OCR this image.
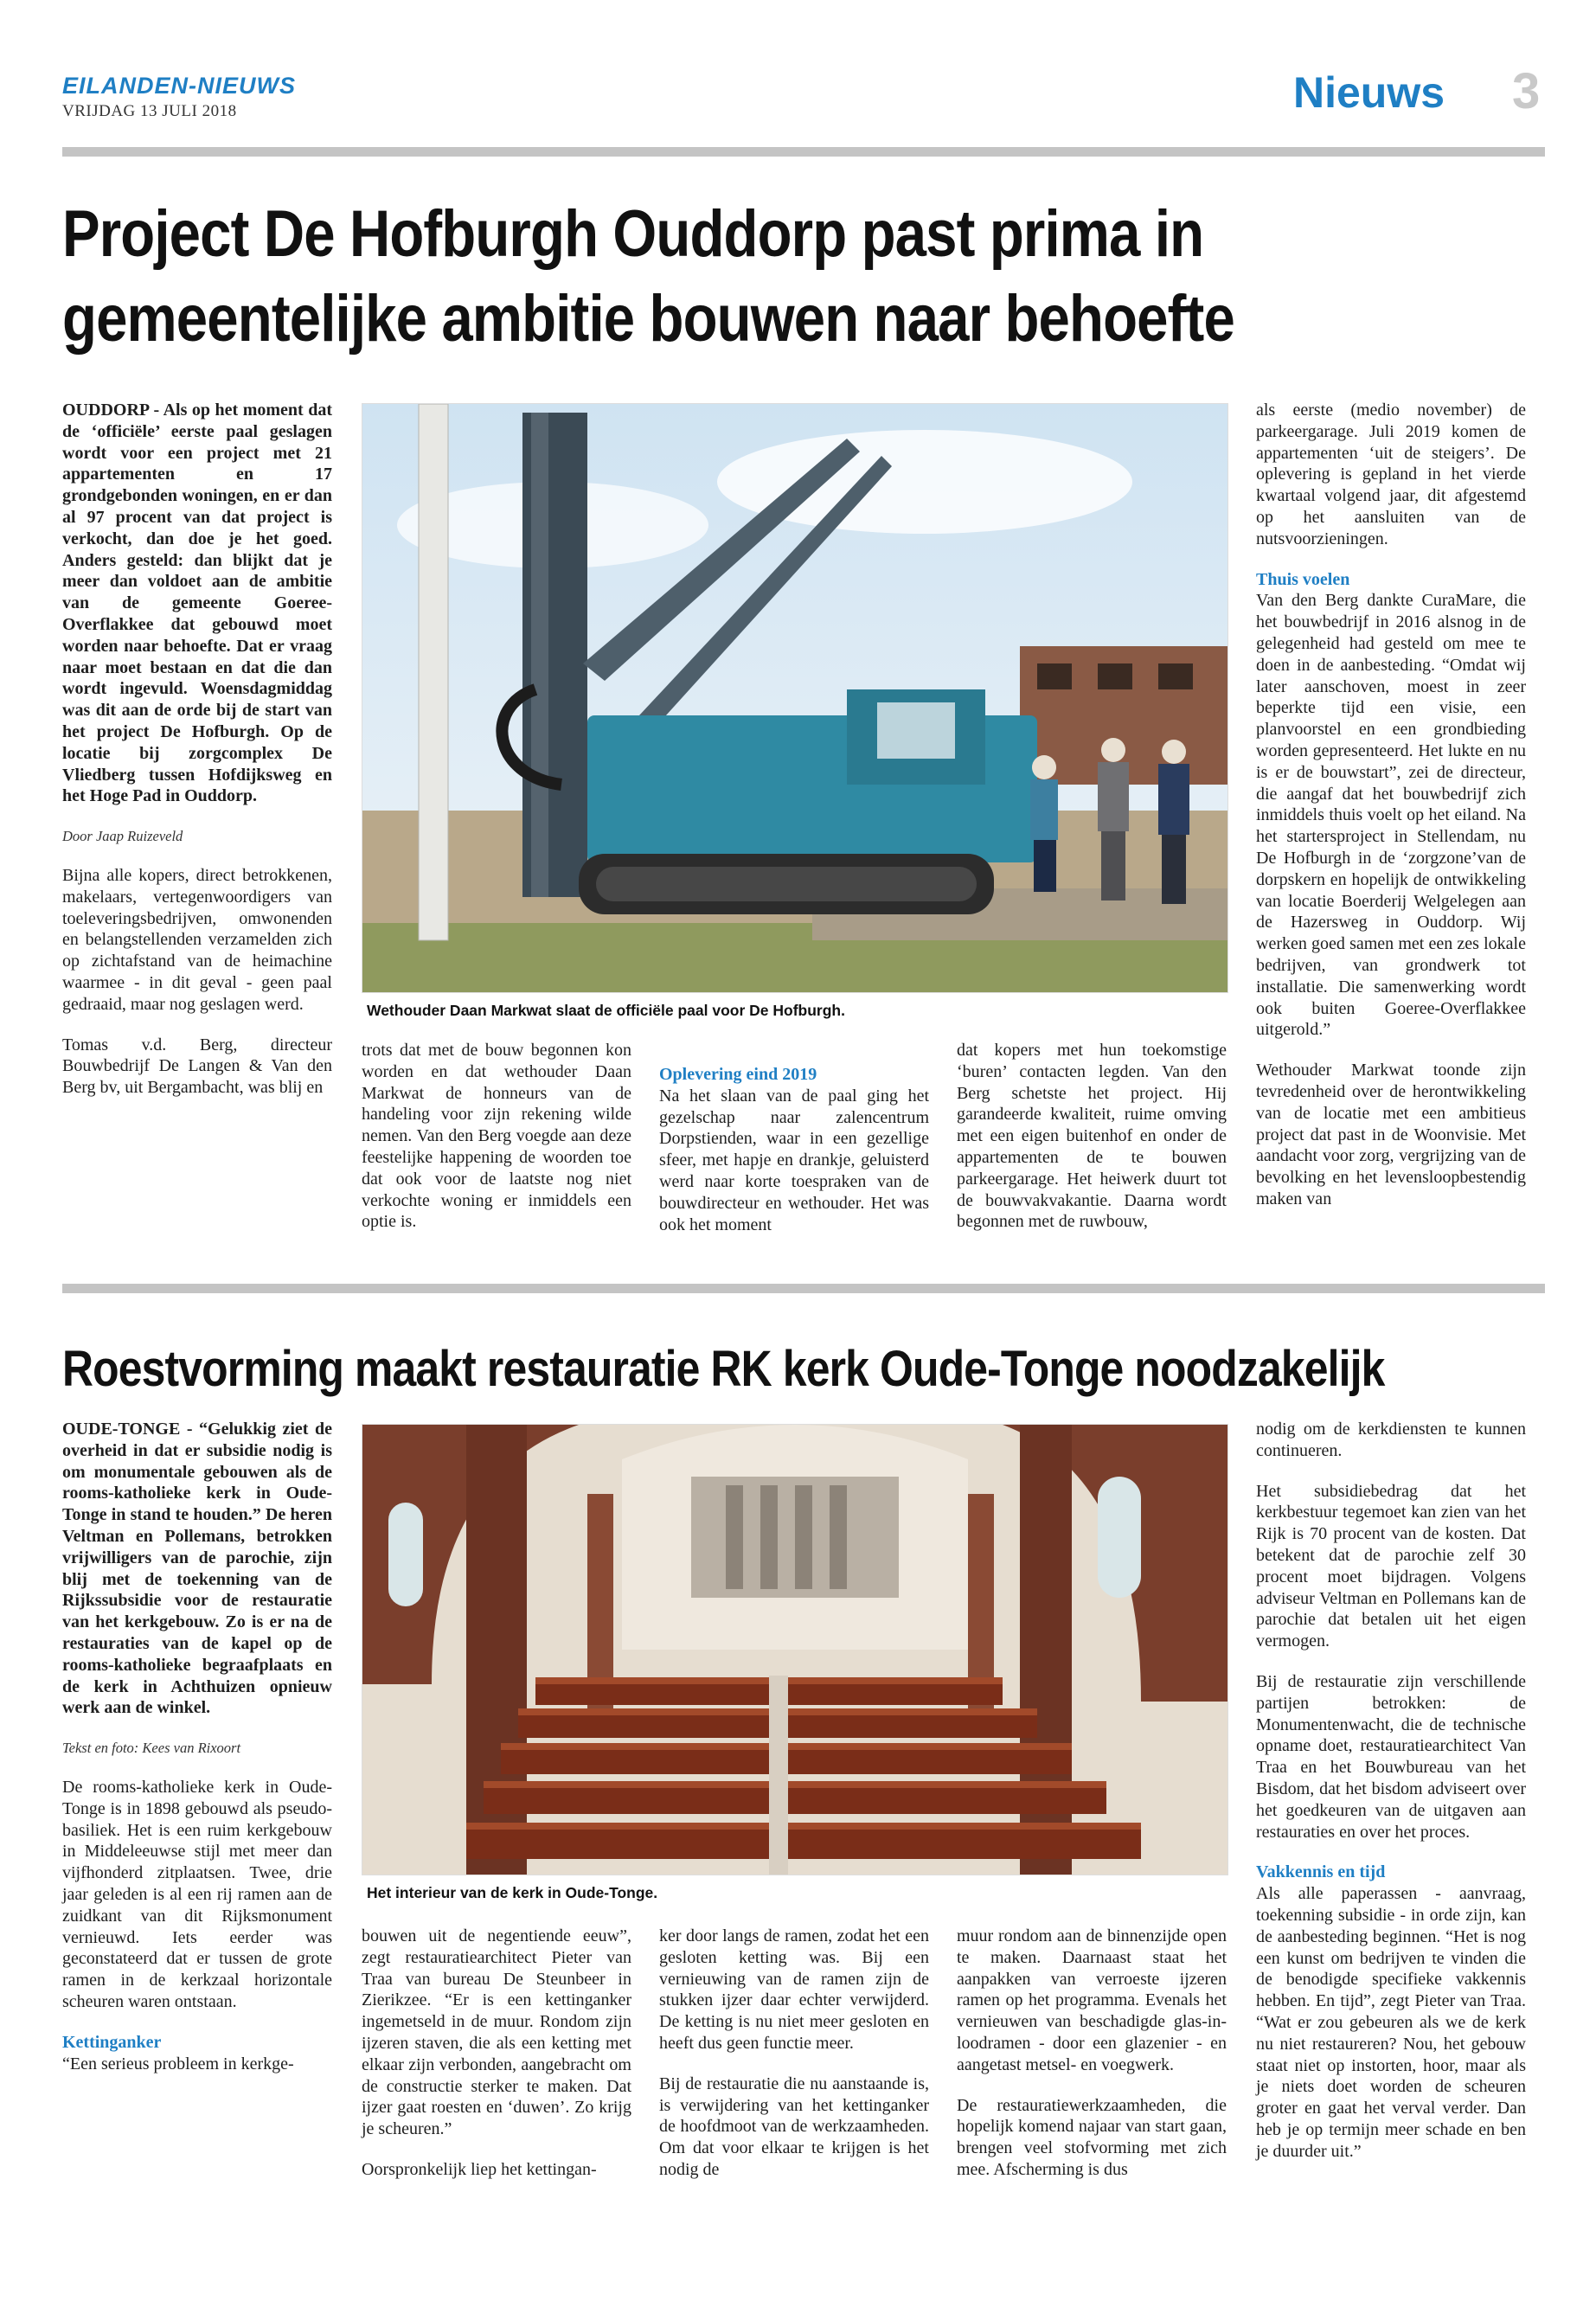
EILANDEN-NIEUWS
VRIJDAG 13 JULI 2018	Nieuws 3
Project De Hofburgh Ouddorp past prima in
gemeentelijke ambitie bouwen naar behoefte

OUDDORP - Als op het moment dat de ‘officiële’ eerste paal geslagen wordt voor een project met 21 appartementen en 17 grondgebonden woningen, en er dan al 97 procent van dat project is verkocht, dan doe je het goed. Anders gesteld: dan blijkt dat je meer dan voldoet aan de ambitie van de gemeente Goeree-Overflakkee dat gebouwd moet worden naar behoefte. Dat er vraag naar moet bestaan en dat die dan wordt ingevuld. Woensdagmiddag was dit aan de orde bij de start van het project De Hofburgh. Op de locatie bij zorgcomplex De Vliedberg tussen Hofdijksweg en het Hoge Pad in Ouddorp.

Door Jaap Ruizeveld

Bijna alle kopers, direct betrokkenen, makelaars, vertegenwoordigers van toeleveringsbedrijven, omwonenden en belangstellenden verzamelden zich op zichtafstand van de heimachine waarmee - in dit geval - geen paal gedraaid, maar nog geslagen werd.

Tomas v.d. Berg, directeur Bouwbedrijf De Langen & Van den Berg bv, uit Bergambacht, was blij en

Wethouder Daan Markwat slaat de officiële paal voor De Hofburgh.

trots dat met de bouw begonnen kon worden en dat wethouder Daan Markwat de honneurs van de handeling voor zijn rekening wilde nemen. Van den Berg voegde aan deze feestelijke happening de woorden toe dat ook voor de laatste nog niet verkochte woning er inmiddels een optie is.

Oplevering eind 2019

Na het slaan van de paal ging het gezelschap naar zalencentrum Dorpstienden, waar in een gezellige sfeer, met hapje en drankje, geluisterd werd naar korte toespraken van de bouwdirecteur en wethouder. Het was ook het moment

dat kopers met hun toekomstige ‘buren’ contacten legden. Van den Berg schetste het project. Hij garandeerde kwaliteit, ruime omving met een eigen buitenhof en onder de appartementen de te bouwen parkeergarage. Het heiwerk duurt tot de bouwvakvakantie. Daarna wordt begonnen met de ruwbouw,

als eerste (medio november) de parkeergarage. Juli 2019 komen de appartementen ‘uit de steigers’. De oplevering is gepland in het vierde kwartaal volgend jaar, dit afgestemd op het aansluiten van de nutsvoorzieningen.

Thuis voelen

Van den Berg dankte CuraMare, die het bouwbedrijf in 2016 alsnog in de gelegenheid had gesteld om mee te doen in de aanbesteding. “Omdat wij later aanschoven, moest in zeer beperkte tijd een visie, een planvoorstel en een grondbieding worden gepresenteerd. Het lukte en nu is er de bouwstart”, zei de directeur, die aangaf dat het bouwbedrijf zich inmiddels thuis voelt op het eiland. Na het startersproject in Stellendam, nu De Hofburgh in de ‘zorgzone’van de dorpskern en hopelijk de ontwikkeling van locatie Boerderij Welgelegen aan de Hazersweg in Ouddorp. Wij werken goed samen met een zes lokale bedrijven, van grondwerk tot installatie. Die samenwerking wordt ook buiten Goeree-Overflakkee uitgerold.”

Wethouder Markwat toonde zijn tevredenheid over de herontwikkeling van de locatie met een ambitieus project dat past in de Woonvisie. Met aandacht voor zorg, vergrijzing van de bevolking en het levensloopbestendig maken van

Roestvorming maakt restauratie RK kerk Oude-Tonge noodzakelijk

OUDE-TONGE - “Gelukkig ziet de overheid in dat er subsidie nodig is om monumentale gebouwen als de rooms-katholieke kerk in Oude-Tonge in stand te houden.” De heren Veltman en Pollemans, betrokken vrijwilligers van de parochie, zijn blij met de toekenning van de Rijkssubsidie voor de restauratie van het kerkgebouw. Zo is er na de restauraties van de kapel op de rooms-katholieke begraafplaats en de kerk in Achthuizen opnieuw werk aan de winkel.

Tekst en foto: Kees van Rixoort

De rooms-katholieke kerk in Oude-Tonge is in 1898 gebouwd als pseudo-basiliek. Het is een ruim kerkgebouw in Middeleeuwse stijl met meer dan vijfhonderd zitplaatsen. Twee, drie jaar geleden is al een rij ramen aan de zuidkant van dit Rijksmonument vernieuwd. Iets eerder was geconstateerd dat er tussen de grote ramen in de kerkzaal horizontale scheuren waren ontstaan.

Kettinganker

“Een serieus probleem in kerkge-

Het interieur van de kerk in Oude-Tonge.

bouwen uit de negentiende eeuw”, zegt restauratiearchitect Pieter van Traa van bureau De Steunbeer in Zierikzee. “Er is een kettinganker ingemetseld in de muur. Rondom zijn ijzeren staven, die als een ketting met elkaar zijn verbonden, aangebracht om de constructie sterker te maken. Dat ijzer gaat roesten en ‘duwen’. Zo krijg je scheuren.”

Oorspronkelijk liep het kettingan-

ker door langs de ramen, zodat het een gesloten ketting was. Bij een vernieuwing van de ramen zijn de stukken ijzer daar echter verwijderd. De ketting is nu niet meer gesloten en heeft dus geen functie meer.

Bij de restauratie die nu aanstaande is, is verwijdering van het kettinganker de hoofdmoot van de werkzaamheden. Om dat voor elkaar te krijgen is het nodig de

muur rondom aan de binnenzijde open te maken. Daarnaast staat het aanpakken van verroeste ijzeren ramen op het programma. Evenals het vernieuwen van beschadigde glas-in-loodramen - door een glazenier - en aangetast metsel- en voegwerk.

De restauratiewerkzaamheden, die hopelijk komend najaar van start gaan, brengen veel stofvorming met zich mee. Afscherming is dus

nodig om de kerkdiensten te kunnen continueren.

Het subsidiebedrag dat het kerkbestuur tegemoet kan zien van het Rijk is 70 procent van de kosten. Dat betekent dat de parochie zelf 30 procent moet bijdragen. Volgens adviseur Veltman en Pollemans kan de parochie dat betalen uit het eigen vermogen.

Bij de restauratie zijn verschillende partijen betrokken: de Monumentenwacht, die de technische opname doet, restauratiearchitect Van Traa en het Bouwbureau van het Bisdom, dat het bisdom adviseert over het goedkeuren van de uitgaven aan restauraties en over het proces.

Vakkennis en tijd

Als alle paperassen - aanvraag, toekenning subsidie - in orde zijn, kan de aanbesteding beginnen. “Het is nog een kunst om bedrijven te vinden die de benodigde specifieke vakkennis hebben. En tijd”, zegt Pieter van Traa. “Wat er zou gebeuren als we de kerk nu niet restaureren? Nou, het gebouw staat niet op instorten, hoor, maar als je niets doet worden de scheuren groter en gaat het verval verder. Dan heb je op termijn meer schade en ben je duurder uit.”
